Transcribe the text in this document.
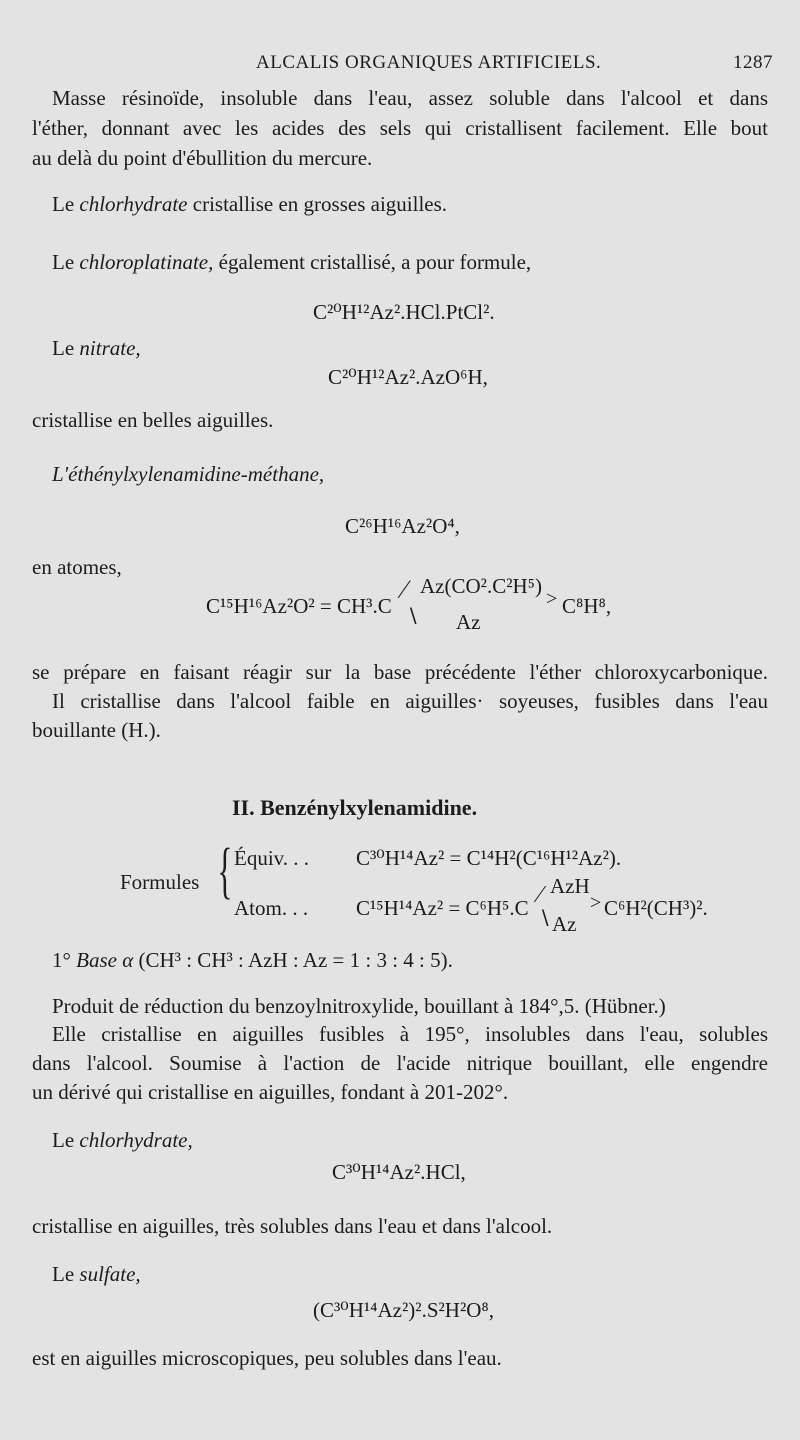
ALCALIS ORGANIQUES ARTIFICIELS.	1287
Masse résinoïde, insoluble dans l'eau, assez soluble dans l'alcool et dans
l'éther, donnant avec les acides des sels qui cristallisent facilement. Elle bout
au delà du point d'ébullition du mercure.
Le chlorhydrate cristallise en grosses aiguilles.
Le chloroplatinate, également cristallisé, a pour formule,
C²⁰H¹²Az².HCl.PtCl².
Le nitrate,
C²⁰H¹²Az².AzO⁶H,
cristallise en belles aiguilles.
L'éthénylxylenamidine-méthane,
C²⁶H¹⁶Az²O⁴,
en atomes,
C¹⁵H¹⁶Az²O² = CH³.C
⁄ Az(CO².C²H⁵)
∖ Az
> C⁸H⁸,
se prépare en faisant réagir sur la base précédente l'éther chloroxycarbonique.
Il cristallise dans l'alcool faible en aiguilles· soyeuses, fusibles dans l'eau
bouillante (H.).
II. Benzénylxylenamidine.
Formules { Équiv. . . C³⁰H¹⁴Az² = C¹⁴H²(C¹⁶H¹²Az²).
Atom. . . C¹⁵H¹⁴Az² = C⁶H⁵.C ⁄ AzH
∖ Az
> C⁶H²(CH³)².
1° Base α (CH³ : CH³ : AzH : Az = 1 : 3 : 4 : 5).
Produit de réduction du benzoylnitroxylide, bouillant à 184°,5. (Hübner.)
Elle cristallise en aiguilles fusibles à 195°, insolubles dans l'eau, solubles
dans l'alcool. Soumise à l'action de l'acide nitrique bouillant, elle engendre
un dérivé qui cristallise en aiguilles, fondant à 201-202°.
Le chlorhydrate,
C³⁰H¹⁴Az².HCl,
cristallise en aiguilles, très solubles dans l'eau et dans l'alcool.
Le sulfate,
(C³⁰H¹⁴Az²)².S²H²O⁸,
est en aiguilles microscopiques, peu solubles dans l'eau.
